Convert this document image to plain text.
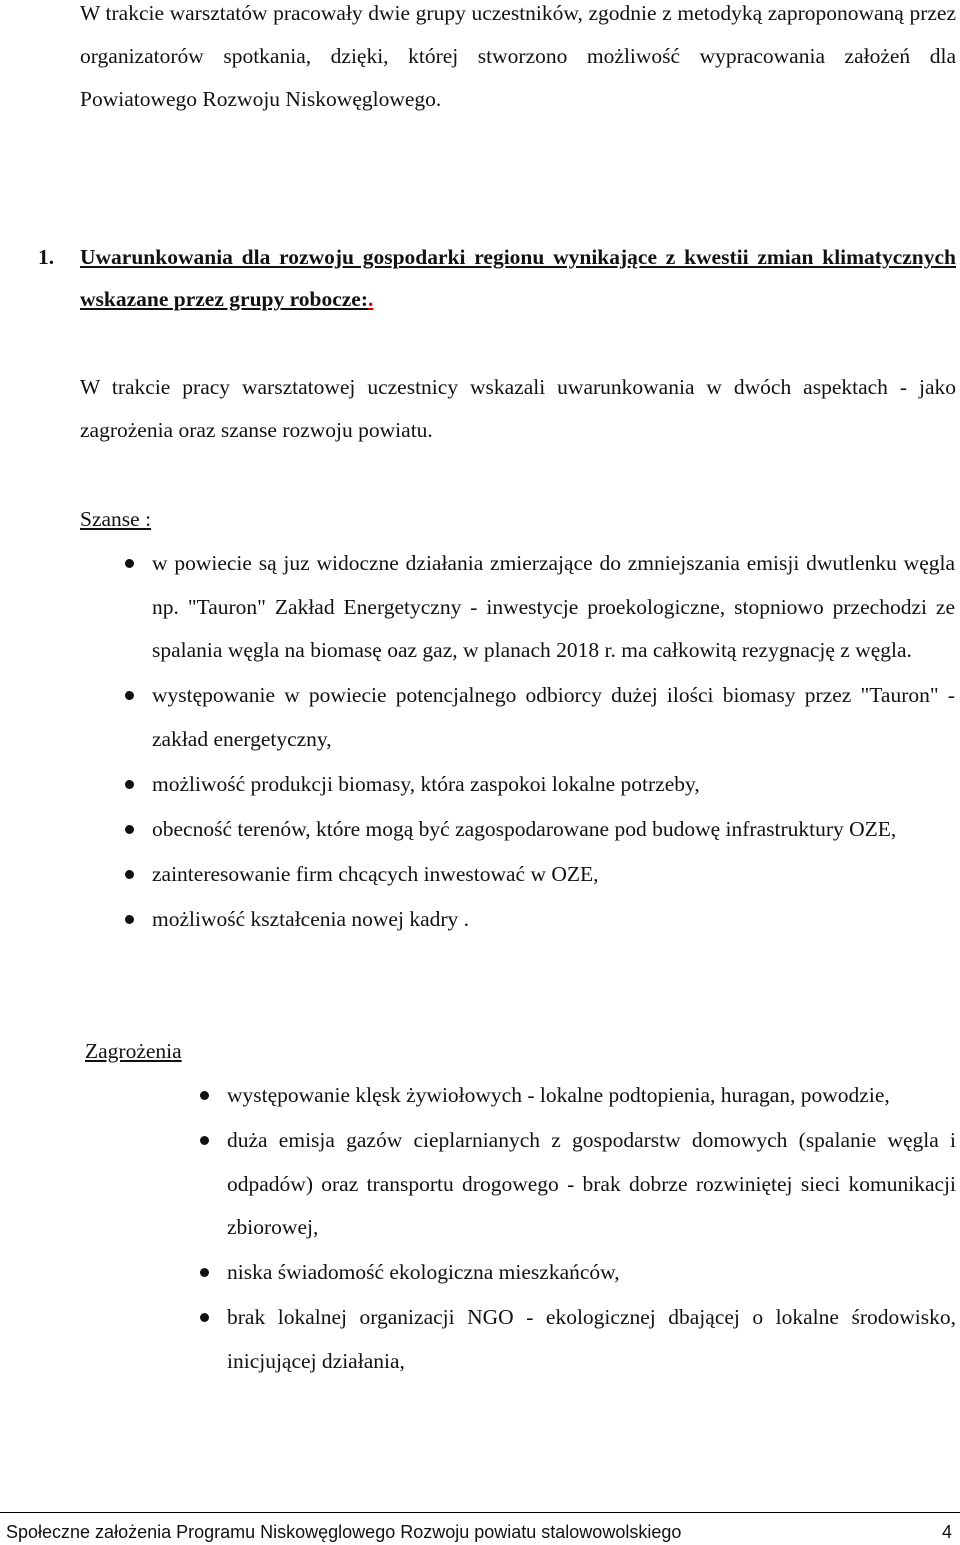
W trakcie warsztatów pracowały dwie grupy uczestników, zgodnie z metodyką zaproponowaną przez organizatorów spotkania, dzięki, której stworzono możliwość wypracowania założeń dla Powiatowego Rozwoju Niskowęglowego.

1. Uwarunkowania dla rozwoju gospodarki regionu wynikające z kwestii zmian klimatycznych wskazane przez grupy robocze:.

W trakcie pracy warsztatowej uczestnicy wskazali uwarunkowania w dwóch aspektach - jako zagrożenia oraz szanse rozwoju powiatu.

Szanse :

w powiecie są juz widoczne działania zmierzające do zmniejszania emisji dwutlenku węgla np. "Tauron" Zakład Energetyczny - inwestycje proekologiczne, stopniowo przechodzi ze spalania węgla na biomasę oaz gaz, w planach 2018 r. ma całkowitą rezygnację z węgla.
występowanie w powiecie potencjalnego odbiorcy dużej ilości biomasy przez "Tauron" - zakład energetyczny,
możliwość produkcji biomasy, która zaspokoi lokalne potrzeby,
obecność terenów, które mogą być zagospodarowane pod budowę infrastruktury OZE,
zainteresowanie firm chcących inwestować w OZE,
możliwość kształcenia nowej kadry .

Zagrożenia

występowanie klęsk żywiołowych - lokalne podtopienia, huragan, powodzie,
duża emisja gazów cieplarnianych z gospodarstw domowych (spalanie węgla i odpadów) oraz transportu drogowego - brak dobrze rozwiniętej sieci komunikacji zbiorowej,
niska świadomość ekologiczna mieszkańców,
brak lokalnej organizacji NGO - ekologicznej dbającej o lokalne środowisko, inicjującej działania,
Społeczne założenia Programu Niskowęglowego Rozwoju powiatu stalowowolskiego	4
